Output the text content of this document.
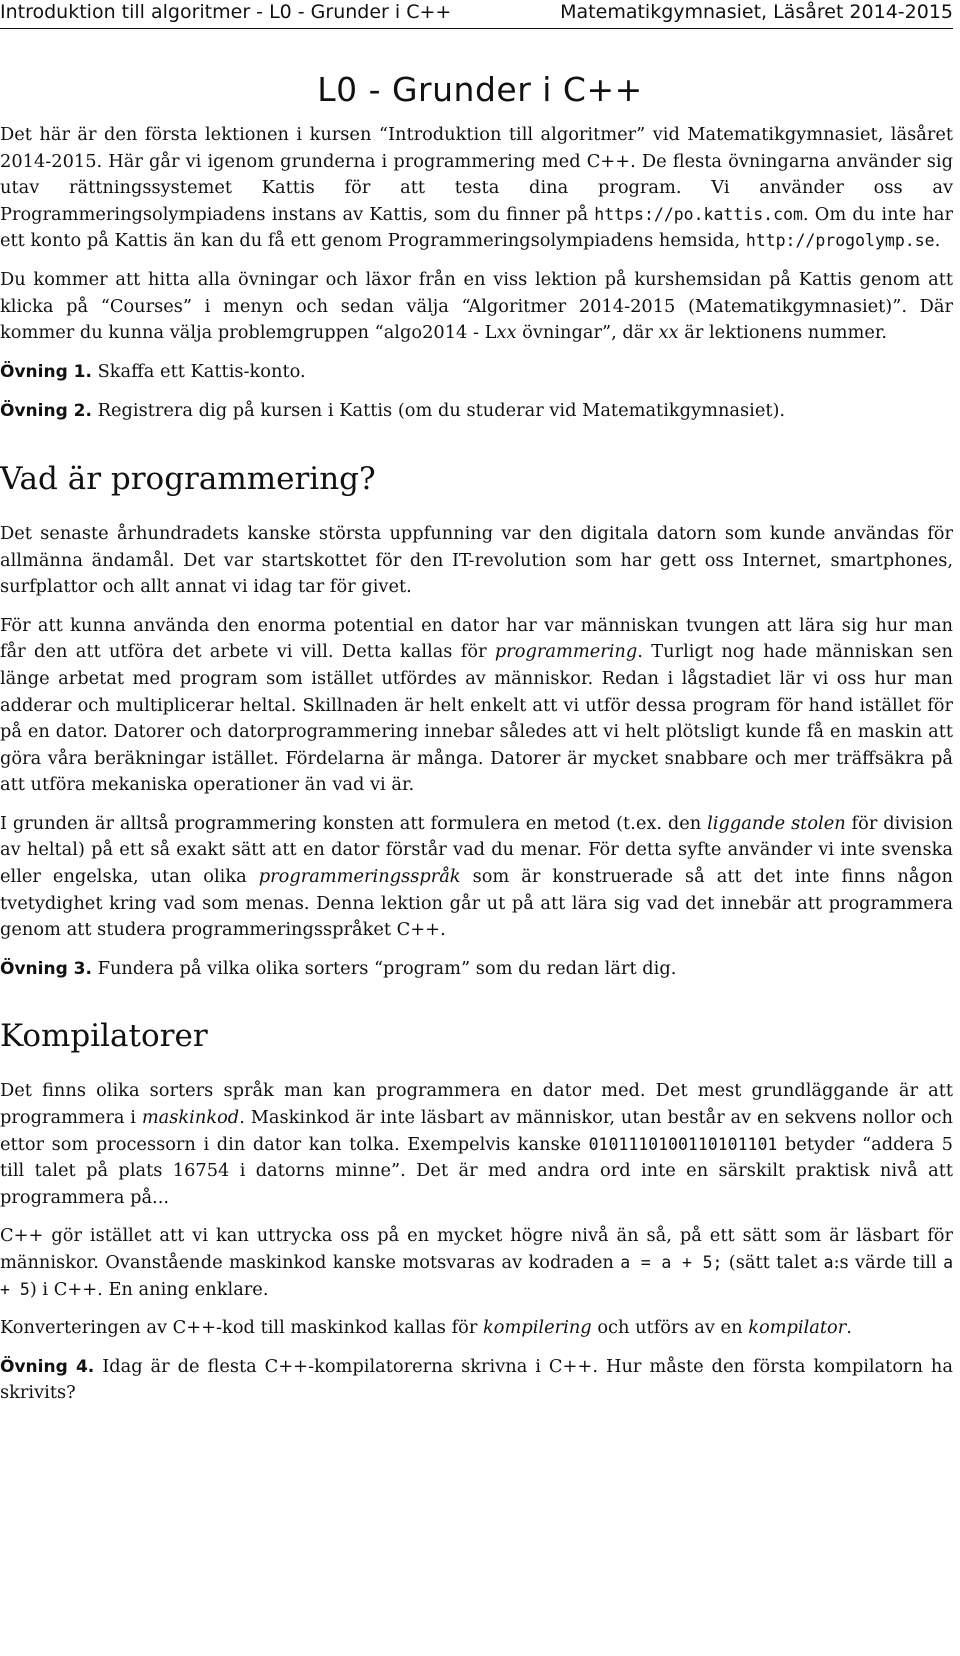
Introduktion till algoritmer - L0 - Grunder i C++	Matematikgymnasiet, Läsåret 2014-2015
L0 - Grunder i C++

Det här är den första lektionen i kursen “Introduktion till algoritmer” vid Matematikgymnasiet, läsåret 2014-2015. Här går vi igenom grunderna i programmering med C++. De flesta övningarna använder sig utav rättningssystemet Kattis för att testa dina program. Vi använder oss av Programmeringsolympiadens instans av Kattis, som du finner på https://po.kattis.com. Om du inte har ett konto på Kattis än kan du få ett genom Programmeringsolympiadens hemsida, http://progolymp.se.

Du kommer att hitta alla övningar och läxor från en viss lektion på kurshemsidan på Kattis genom att klicka på “Courses” i menyn och sedan välja “Algoritmer 2014-2015 (Matematikgymnasiet)”. Där kommer du kunna välja problemgruppen “algo2014 - Lxx övningar”, där xx är lektionens nummer.

Övning 1. Skaffa ett Kattis-konto.

Övning 2. Registrera dig på kursen i Kattis (om du studerar vid Matematikgymnasiet).

Vad är programmering?

Det senaste århundradets kanske största uppfunning var den digitala datorn som kunde användas för allmänna ändamål. Det var startskottet för den IT-revolution som har gett oss Internet, smartphones, surfplattor och allt annat vi idag tar för givet.

För att kunna använda den enorma potential en dator har var människan tvungen att lära sig hur man får den att utföra det arbete vi vill. Detta kallas för programmering. Turligt nog hade människan sen länge arbetat med program som istället utfördes av människor. Redan i lågstadiet lär vi oss hur man adderar och multiplicerar heltal. Skillnaden är helt enkelt att vi utför dessa program för hand istället för på en dator. Datorer och datorprogrammering innebar således att vi helt plötsligt kunde få en maskin att göra våra beräkningar istället. Fördelarna är många. Datorer är mycket snabbare och mer träffsäkra på att utföra mekaniska operationer än vad vi är.

I grunden är alltså programmering konsten att formulera en metod (t.ex. den liggande stolen för division av heltal) på ett så exakt sätt att en dator förstår vad du menar. För detta syfte använder vi inte svenska eller engelska, utan olika programmeringsspråk som är konstruerade så att det inte finns någon tvetydighet kring vad som menas. Denna lektion går ut på att lära sig vad det innebär att programmera genom att studera programmeringsspråket C++.

Övning 3. Fundera på vilka olika sorters “program” som du redan lärt dig.

Kompilatorer

Det finns olika sorters språk man kan programmera en dator med. Det mest grundläggande är att programmera i maskinkod. Maskinkod är inte läsbart av människor, utan består av en sekvens nollor och ettor som processorn i din dator kan tolka. Exempelvis kanske 0101110100110101101 betyder “addera 5 till talet på plats 16754 i datorns minne”. Det är med andra ord inte en särskilt praktisk nivå att programmera på...

C++ gör istället att vi kan uttrycka oss på en mycket högre nivå än så, på ett sätt som är läsbart för människor. Ovanstående maskinkod kanske motsvaras av kodraden a = a + 5; (sätt talet a:s värde till a + 5) i C++. En aning enklare.

Konverteringen av C++-kod till maskinkod kallas för kompilering och utförs av en kompilator.

Övning 4. Idag är de flesta C++-kompilatorerna skrivna i C++. Hur måste den första kompilatorn ha skrivits?
